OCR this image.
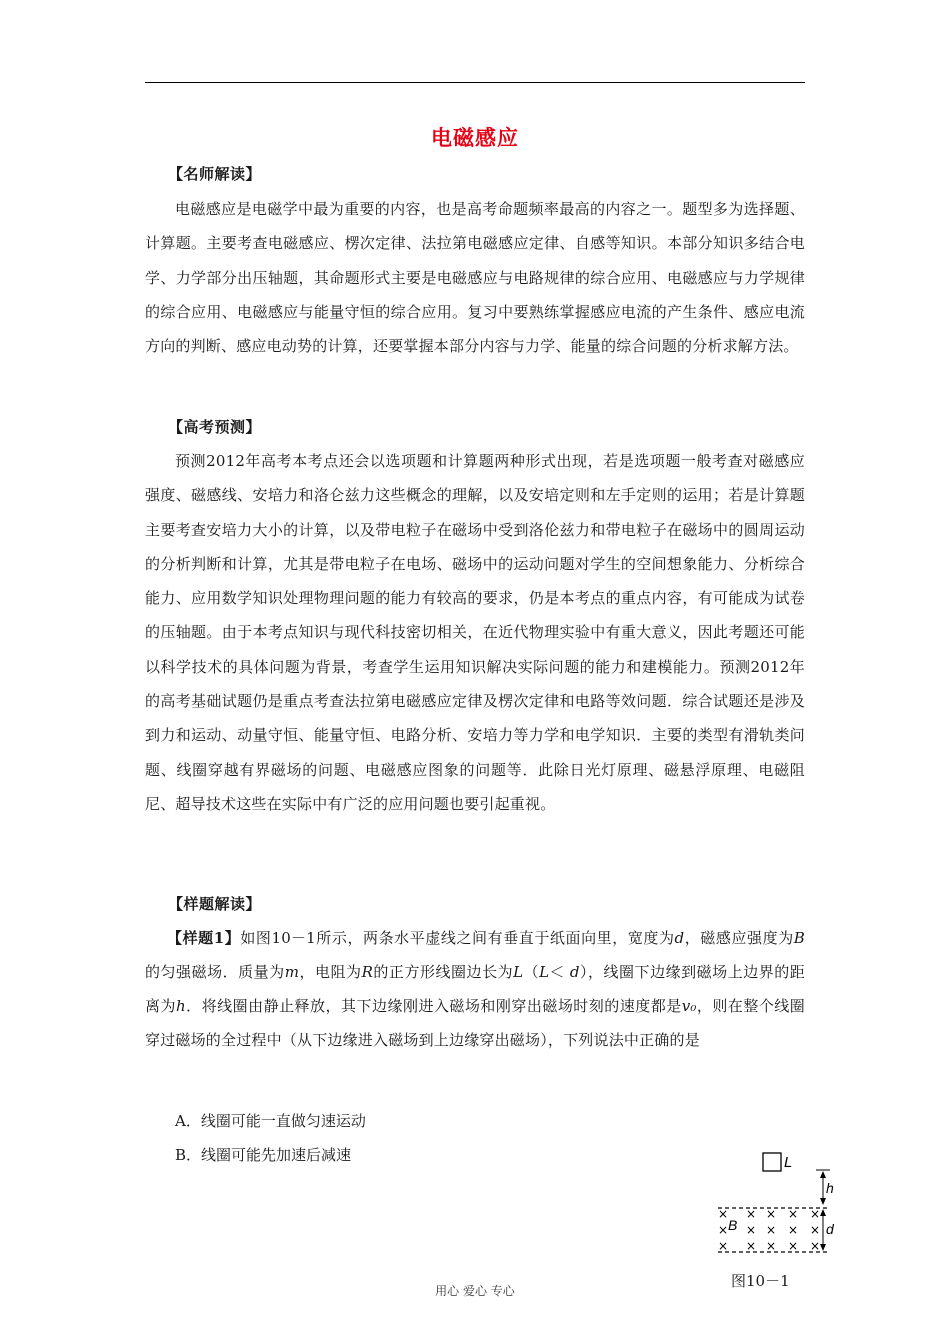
电磁感应
【名师解读】
电磁感应是电磁学中最为重要的内容，也是高考命题频率最高的内容之一。题型多为选择题、计算题。主要考查电磁感应、楞次定律、法拉第电磁感应定律、自感等知识。本部分知识多结合电学、力学部分出压轴题，其命题形式主要是电磁感应与电路规律的综合应用、电磁感应与力学规律的综合应用、电磁感应与能量守恒的综合应用。复习中要熟练掌握感应电流的产生条件、感应电流方向的判断、感应电动势的计算，还要掌握本部分内容与力学、能量的综合问题的分析求解方法。
【高考预测】
预测2012年高考本考点还会以选项题和计算题两种形式出现，若是选项题一般考查对磁感应强度、磁感线、安培力和洛仑兹力这些概念的理解，以及安培定则和左手定则的运用；若是计算题主要考查安培力大小的计算，以及带电粒子在磁场中受到洛伦兹力和带电粒子在磁场中的圆周运动的分析判断和计算，尤其是带电粒子在电场、磁场中的运动问题对学生的空间想象能力、分析综合能力、应用数学知识处理物理问题的能力有较高的要求，仍是本考点的重点内容，有可能成为试卷的压轴题。由于本考点知识与现代科技密切相关，在近代物理实验中有重大意义，因此考题还可能以科学技术的具体问题为背景，考查学生运用知识解决实际问题的能力和建模能力。预测2012年的高考基础试题仍是重点考查法拉第电磁感应定律及楞次定律和电路等效问题．综合试题还是涉及到力和运动、动量守恒、能量守恒、电路分析、安培力等力学和电学知识．主要的类型有滑轨类问题、线圈穿越有界磁场的问题、电磁感应图象的问题等．此除日光灯原理、磁悬浮原理、电磁阻尼、超导技术这些在实际中有广泛的应用问题也要引起重视。
【样题解读】
【样题1】如图10－1所示，两条水平虚线之间有垂直于纸面向里，宽度为d，磁感应强度为B的匀强磁场．质量为m，电阻为R的正方形线圈边长为L（L＜ d），线圈下边缘到磁场上边界的距离为h．将线圈由静止释放，其下边缘刚进入磁场和刚穿出磁场时刻的速度都是v₀，则在整个线圈穿过磁场的全过程中（从下边缘进入磁场到上边缘穿出磁场），下列说法中正确的是
A．线圈可能一直做匀速运动
B．线圈可能先加速后减速	L
h
d
B
× × × × ×
× × × × ×
× × × × ×
图10－1
用心 爱心 专心
